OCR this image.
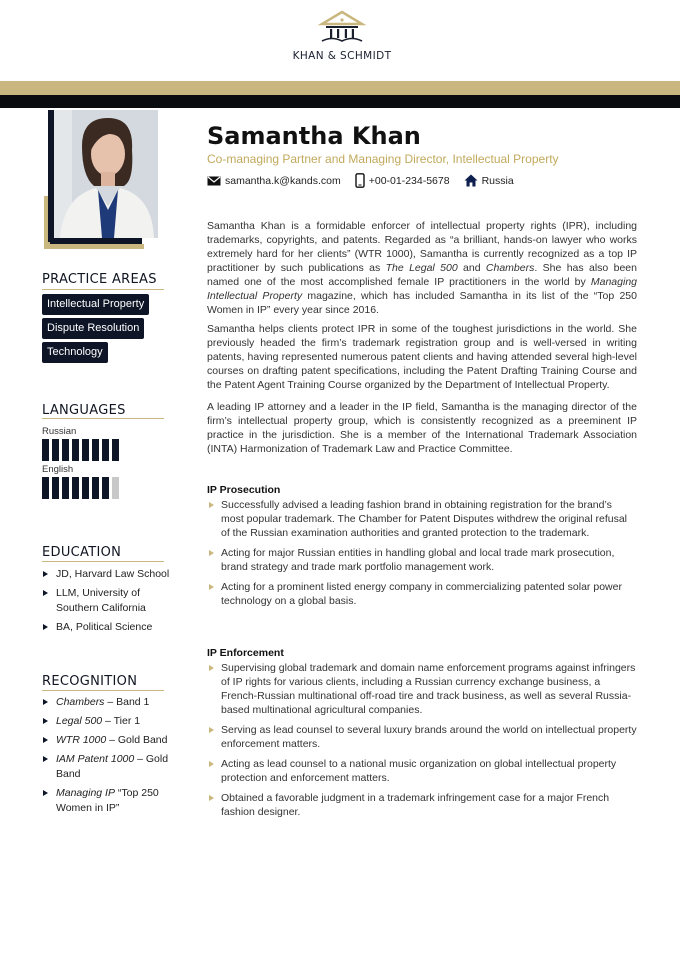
KHAN & SCHMIDT
PRACTICE AREAS
Intellectual Property
Dispute Resolution
Technology
LANGUAGES
Russian
English
EDUCATION
JD, Harvard Law School
LLM, University of Southern California
BA, Political Science
RECOGNITION
Chambers – Band 1
Legal 500 – Tier 1
WTR 1000 – Gold Band
IAM Patent 1000 – Gold Band
Managing IP “Top 250 Women in IP”
Samantha Khan
Co-managing Partner and Managing Director, Intellectual Property
samantha.k@kands.com	+00-01-234-5678	Russia

Samantha Khan is a formidable enforcer of intellectual property rights (IPR), including trademarks, copyrights, and patents. Regarded as “a brilliant, hands-on lawyer who works extremely hard for her clients” (WTR 1000), Samantha is currently recognized as a top IP practitioner by such publications as The Legal 500 and Chambers. She has also been named one of the most accomplished female IP practitioners in the world by Managing Intellectual Property magazine, which has included Samantha in its list of the “Top 250 Women in IP” every year since 2016.

Samantha helps clients protect IPR in some of the toughest jurisdictions in the world. She previously headed the firm’s trademark registration group and is well-versed in writing patents, having represented numerous patent clients and having attended several high-level courses on drafting patent specifications, including the Patent Drafting Training Course and the Patent Agent Training Course organized by the Department of Intellectual Property.

A leading IP attorney and a leader in the IP field, Samantha is the managing director of the firm’s intellectual property group, which is consistently recognized as a preeminent IP practice in the jurisdiction. She is a member of the International Trademark Association (INTA) Harmonization of Trademark Law and Practice Committee.

IP Prosecution
Successfully advised a leading fashion brand in obtaining registration for the brand’s most popular trademark. The Chamber for Patent Disputes withdrew the original refusal of the Russian examination authorities and granted protection to the trademark.
Acting for major Russian entities in handling global and local trade mark prosecution, brand strategy and trade mark portfolio management work.
Acting for a prominent listed energy company in commercializing patented solar power technology on a global basis.
IP Enforcement
Supervising global trademark and domain name enforcement programs against infringers of IP rights for various clients, including a Russian currency exchange business, a French-Russian multinational off-road tire and track business, as well as several Russia-based multinational agricultural companies.
Serving as lead counsel to several luxury brands around the world on intellectual property enforcement matters.
Acting as lead counsel to a national music organization on global intellectual property protection and enforcement matters.
Obtained a favorable judgment in a trademark infringement case for a major French fashion designer.
